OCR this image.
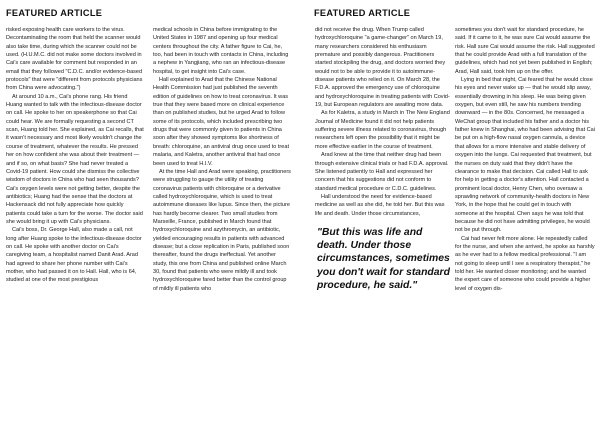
FEATURED ARTICLE

risked exposing health care workers to the virus. Decontaminating the room that held the scanner would also take time, during which the scanner could not be used. (H.U.M.C. did not make some doctors involved in Cai's care available for comment but responded in an email that they followed "C.D.C. and/or evidence-based protocols" that were "different from protocols physicians from China were advocating.")

At around 10 a.m., Cai's phone rang. His friend Huang wanted to talk with the infectious-disease doctor on call. He spoke to her on speakerphone so that Cai could hear. We are formally requesting a second CT scan, Huang told her. She explained, as Cai recalls, that it wasn't necessary and most likely wouldn't change the course of treatment, whatever the results. He pressed her on how confident she was about their treatment — and if so, on what basis? She had never treated a Covid-19 patient. How could she dismiss the collective wisdom of doctors in China who had seen thousands? Cai's oxygen levels were not getting better, despite the antibiotics; Huang had the sense that the doctors at Hackensack did not fully appreciate how quickly patients could take a turn for the worse. The doctor said she would bring it up with Cai's physicians.

Cai's boss, Dr. George Hall, also made a call, not long after Huang spoke to the infectious-disease doctor on call. He spoke with another doctor on Cai's caregiving team, a hospitalist named Danit Arad. Arad had agreed to share her phone number with Cai's mother, who had passed it on to Hall. Hall, who is 64, studied at one of the most prestigious

medical schools in China before immigrating to the United States in 1987 and opening up four medical centers throughout the city. A father figure to Cai, he, too, had been in touch with contacts in China, including a nephew in Yangjiang, who ran an infectious-disease hospital, to get insight into Cai's case.

Hall explained to Arad that the Chinese National Health Commission had just published the seventh edition of guidelines on how to treat coronavirus. It was true that they were based more on clinical experience than on published studies, but he urged Arad to follow some of its protocols, which included prescribing two drugs that were commonly given to patients in China soon after they showed symptoms like shortness of breath: chloroquine, an antiviral drug once used to treat malaria, and Kaletra, another antiviral that had once been used to treat H.I.V.

At the time Hall and Arad were speaking, practitioners were struggling to gauge the utility of treating coronavirus patients with chloroquine or a derivative called hydroxychloroquine, which is used to treat autoimmune diseases like lupus. Since then, the picture has hardly become clearer. Two small studies from Marseille, France, published in March found that hydroxychloroquine and azythromycin, an antibiotic, yielded encouraging results in patients with advanced disease; but a close replication in Paris, published soon thereafter, found the drugs ineffectual. Yet another study, this one from China and published online March 30, found that patients who were mildly ill and took hydroxychloroquine fared better than the control group of mildly ill patients who

FEATURED ARTICLE

did not receive the drug. When Trump called hydroxychloroquine "a game-changer" on March 19, many researchers considered his enthusiasm premature and possibly dangerous. Practitioners started stockpiling the drug, and doctors worried they would not to be able to provide it to autoimmune-disease patients who relied on it. On March 28, the F.D.A. approved the emergency use of chloroquine and hydroxychloroquine in treating patients with Covid-19, but European regulators are awaiting more data.

As for Kaletra, a study in March in The New England Journal of Medicine found it did not help patients suffering severe illness related to coronavirus, though researchers left open the possibility that it might be more effective earlier in the course of treatment.

Arad knew at the time that neither drug had been through extensive clinical trials or had F.D.A. approval. She listened patiently to Hall and expressed her concern that his suggestions did not conform to standard medical procedure or C.D.C. guidelines.

Hall understood the need for evidence-based medicine as well as she did, he told her. But this was life and death. Under those circumstances,

"But this was life and death. Under those circumstances, sometimes you don't wait for standard procedure, he said."

sometimes you don't wait for standard procedure, he said. If it came to it, he was sure Cai would assume the risk. Hall sure Cai would assume the risk. Hall suggested that he could provide Arad with a full translation of the guidelines, which had not yet been published in English; Arad, Hall said, took him up on the offer.

Lying in bed that night, Cai feared that he would close his eyes and never wake up — that he would slip away, essentially drowning in his sleep. He was being given oxygen, but even still, he saw his numbers trending downward — in the 80s. Concerned, he messaged a WeChat group that included his father and a doctor his father knew in Shanghai, who had been advising that Cai be put on a high-flow nasal oxygen cannula, a device that allows for a more intensive and stable delivery of oxygen into the lungs. Cai requested that treatment, but the nurses on duty said that they didn't have the clearance to make that decision. Cai called Hall to ask for help in getting a doctor's attention. Hall contacted a prominent local doctor, Henry Chen, who oversaw a sprawling network of community-health doctors in New York, in the hope that he could get in touch with someone at the hospital. Chen says he was told that because he did not have admitting privileges, he would not be put through.

Cai had never felt more alone. He repeatedly called for the nurse, and when she arrived, he spoke as harshly as he ever had to a fellow medical professional. "I am not going to sleep until I see a respiratory therapist," he told her. He wanted closer monitoring; and he wanted the expert care of someone who could provide a higher level of oxygen dis-
